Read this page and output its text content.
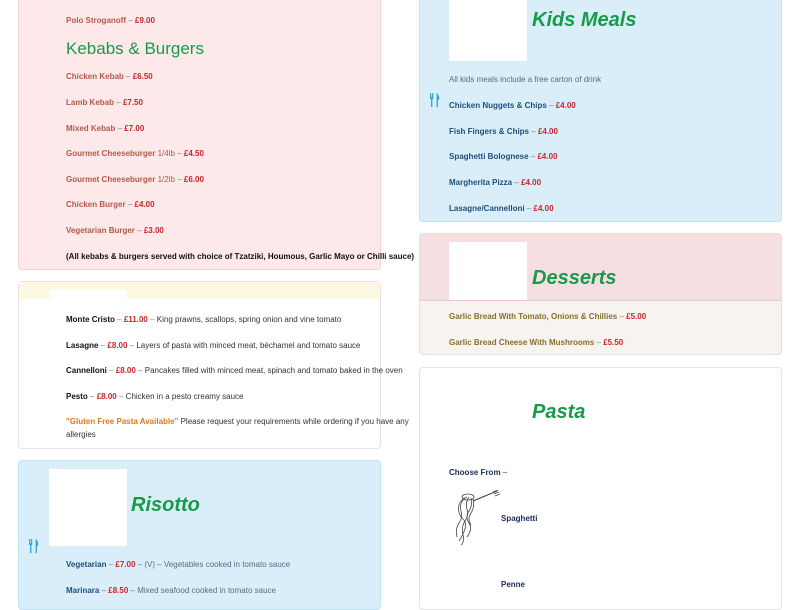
Polo Stroganoff – £9.00
Kebabs & Burgers
Chicken Kebab – £6.50
Lamb Kebab – £7.50
Mixed Kebab – £7.00
Gourmet Cheeseburger 1/4lb – £4.50
Gourmet Cheeseburger 1/2lb – £6.00
Chicken Burger – £4.00
Vegetarian Burger – £3.00
(All kebabs & burgers served with choice of Tzatziki, Houmous, Garlic Mayo or Chilli sauce)
Monte Cristo – £11.00 – King prawns, scallops, spring onion and vine tomato
Lasagne – £8.00 – Layers of pasta with minced meat, béchamel and tomato sauce
Cannelloni – £8.00 – Pancakes filled with minced meat, spinach and tomato baked in the oven
Pesto – £8.00 – Chicken in a pesto creamy sauce
"Gluten Free Pasta Available" Please request your requirements while ordering if you have any
allergies
Risotto
Vegetarian – £7.00 – (V) – Vegetables cooked in tomato sauce
Marinara – £8.50 – Mixed seafood cooked in tomato sauce
Kids Meals
All kids meals include a free carton of drink
Chicken Nuggets & Chips – £4.00
Fish Fingers & Chips – £4.00
Spaghetti Bolognese – £4.00
Margherita Pizza – £4.00
Lasagne/Cannelloni – £4.00
Desserts
Garlic Bread With Tomato, Onions & Chillies – £5.00
Garlic Bread Cheese With Mushrooms – £5.50
Pasta
Choose From –
Spaghetti
Penne
